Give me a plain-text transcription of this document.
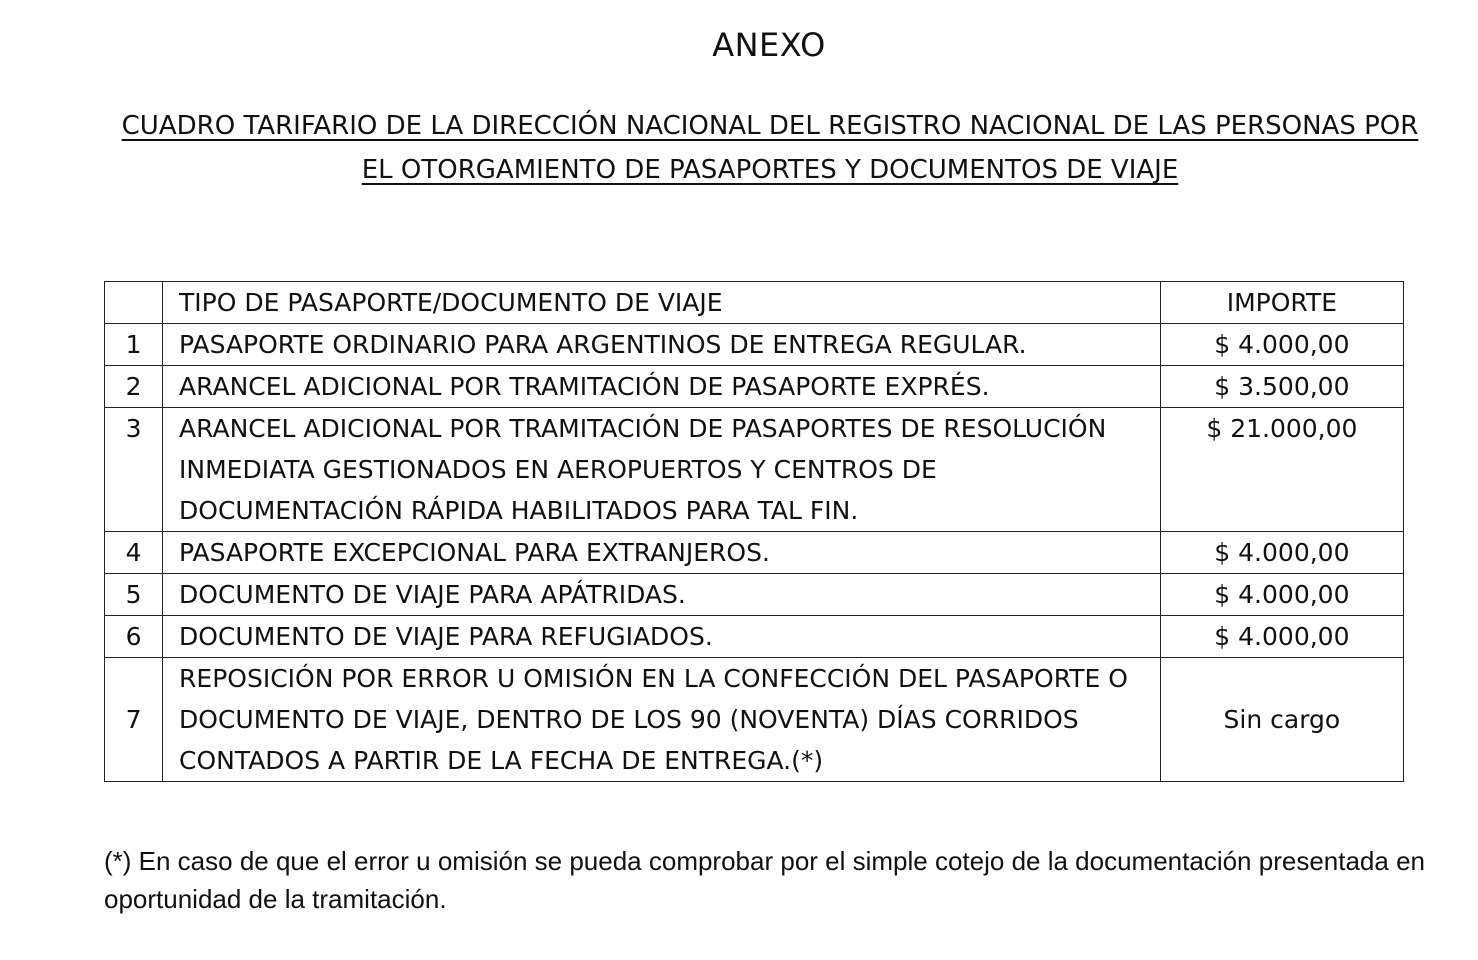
ANEXO
CUADRO TARIFARIO DE LA DIRECCIÓN NACIONAL DEL REGISTRO NACIONAL DE LAS PERSONAS POR EL OTORGAMIENTO DE PASAPORTES Y DOCUMENTOS DE VIAJE
	TIPO DE PASAPORTE/DOCUMENTO DE VIAJE	IMPORTE
1	PASAPORTE ORDINARIO PARA ARGENTINOS DE ENTREGA REGULAR.	$ 4.000,00
2	ARANCEL ADICIONAL POR TRAMITACIÓN DE PASAPORTE EXPRÉS.	$ 3.500,00
3	ARANCEL ADICIONAL POR TRAMITACIÓN DE PASAPORTES DE RESOLUCIÓN INMEDIATA GESTIONADOS EN AEROPUERTOS Y CENTROS DE DOCUMENTACIÓN RÁPIDA HABILITADOS PARA TAL FIN.	$ 21.000,00
4	PASAPORTE EXCEPCIONAL PARA EXTRANJEROS.	$ 4.000,00
5	DOCUMENTO DE VIAJE PARA APÁTRIDAS.	$ 4.000,00
6	DOCUMENTO DE VIAJE PARA REFUGIADOS.	$ 4.000,00
7	REPOSICIÓN POR ERROR U OMISIÓN EN LA CONFECCIÓN DEL PASAPORTE O DOCUMENTO DE VIAJE, DENTRO DE LOS 90 (NOVENTA) DÍAS CORRIDOS CONTADOS A PARTIR DE LA FECHA DE ENTREGA.(*)	Sin cargo
(*) En caso de que el error u omisión se pueda comprobar por el simple cotejo de la documentación presentada en oportunidad de la tramitación.
